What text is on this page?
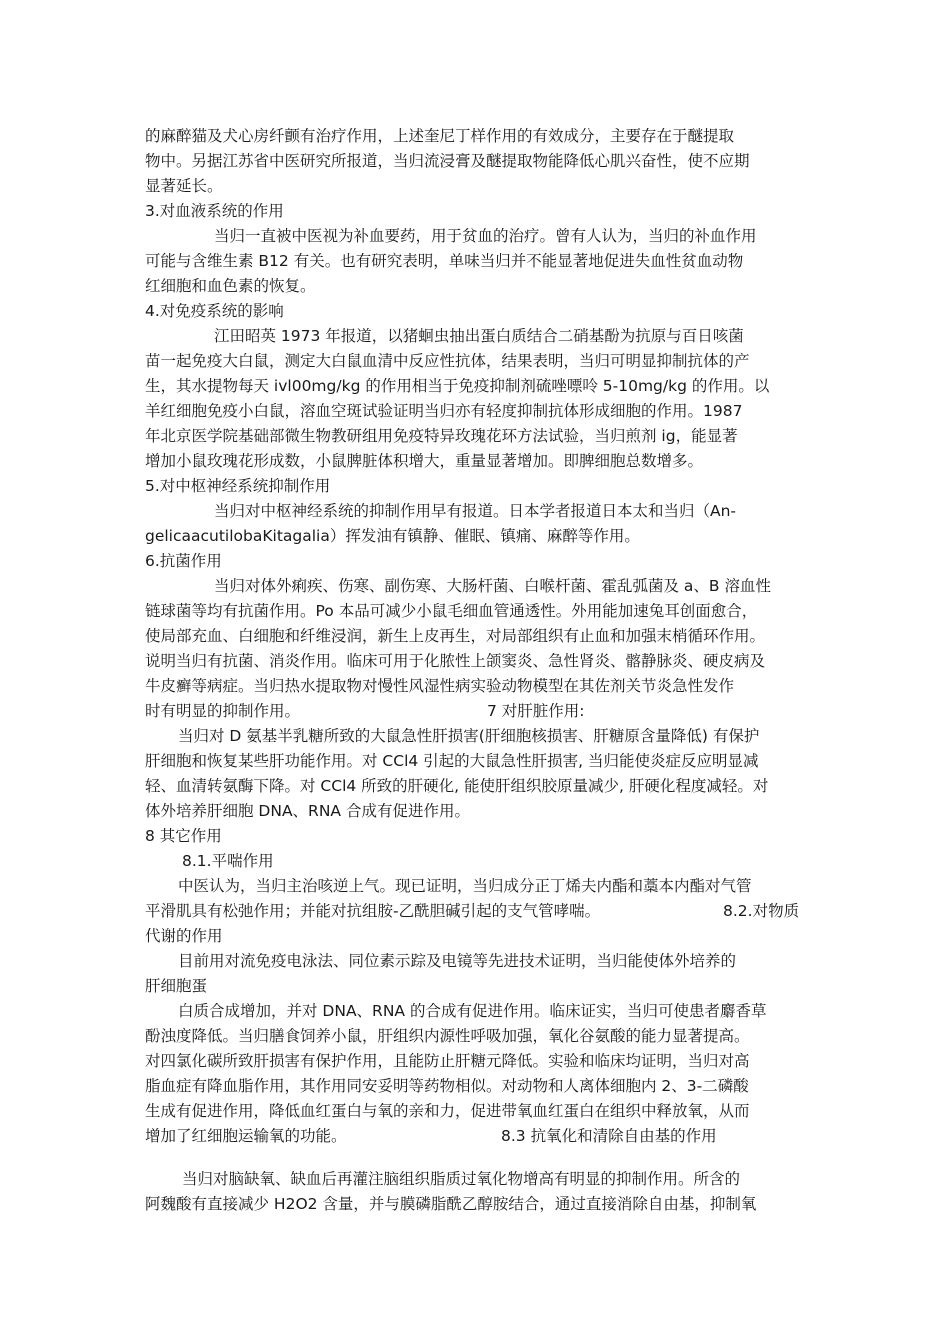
的麻醉猫及犬心房纤颤有治疗作用，上述奎尼丁样作用的有效成分，主要存在于醚提取
物中。另据江苏省中医研究所报道，当归流浸膏及醚提取物能降低心肌兴奋性，使不应期
显著延长。
3.对血液系统的作用
当归一直被中医视为补血要药，用于贫血的治疗。曾有人认为，当归的补血作用
可能与含维生素 B12 有关。也有研究表明，单味当归并不能显著地促进失血性贫血动物
红细胞和血色素的恢复。
4.对免疫系统的影响
江田昭英 1973 年报道，以猪蛔虫抽出蛋白质结合二硝基酚为抗原与百日咳菌
苗一起免疫大白鼠，测定大白鼠血清中反应性抗体，结果表明，当归可明显抑制抗体的产
生，其水提物每天 ivl00mg/kg 的作用相当于免疫抑制剂硫唑嘌呤 5-10mg/kg 的作用。以
羊红细胞免疫小白鼠，溶血空斑试验证明当归亦有轻度抑制抗体形成细胞的作用。1987
年北京医学院基础部微生物教研组用免疫特异玫瑰花环方法试验，当归煎剂 ig，能显著
增加小鼠玫瑰花形成数，小鼠脾脏体积增大，重量显著增加。即脾细胞总数增多。
5.对中枢神经系统抑制作用
当归对中枢神经系统的抑制作用早有报道。日本学者报道日本太和当归（An-
gelicaacutilobaKitagalia）挥发油有镇静、催眠、镇痛、麻醉等作用。
6.抗菌作用
当归对体外痢疾、伤寒、副伤寒、大肠杆菌、白喉杆菌、霍乱弧菌及 a、B 溶血性
链球菌等均有抗菌作用。Po 本品可减少小鼠毛细血管通透性。外用能加速兔耳创面愈合，
使局部充血、白细胞和纤维浸润，新生上皮再生，对局部组织有止血和加强末梢循环作用。
说明当归有抗菌、消炎作用。临床可用于化脓性上颌窦炎、急性肾炎、髂静脉炎、硬皮病及
牛皮癣等病症。当归热水提取物对慢性风湿性病实验动物模型在其佐剂关节炎急性发作
时有明显的抑制作用。	7 对肝脏作用:
当归对 D 氨基半乳糖所致的大鼠急性肝损害(肝细胞核损害、肝糖原含量降低) 有保护
肝细胞和恢复某些肝功能作用。对 CCl4 引起的大鼠急性肝损害, 当归能使炎症反应明显减
轻、血清转氨酶下降。对 CCl4 所致的肝硬化, 能使肝组织胶原量减少, 肝硬化程度减轻。对
体外培养肝细胞 DNA、RNA 合成有促进作用。
8 其它作用
8.1.平喘作用
中医认为，当归主治咳逆上气。现已证明，当归成分正丁烯夫内酯和藁本内酯对气管
平滑肌具有松弛作用；并能对抗组胺-乙酰胆碱引起的支气管哮喘。	8.2.对物质
代谢的作用
目前用对流免疫电泳法、同位素示踪及电镜等先进技术证明，当归能使体外培养的
肝细胞蛋
白质合成增加，并对 DNA、RNA 的合成有促进作用。临床证实，当归可使患者麝香草
酚浊度降低。当归膳食饲养小鼠，肝组织内源性呼吸加强，氧化谷氨酸的能力显著提高。
对四氯化碳所致肝损害有保护作用，且能防止肝糖元降低。实验和临床均证明，当归对高
脂血症有降血脂作用，其作用同安妥明等药物相似。对动物和人离体细胞内 2、3-二磷酸
生成有促进作用，降低血红蛋白与氧的亲和力，促进带氧血红蛋白在组织中释放氧，从而
增加了红细胞运输氧的功能。	8.3 抗氧化和清除自由基的作用
当归对脑缺氧、缺血后再灌注脑组织脂质过氧化物增高有明显的抑制作用。所含的
阿魏酸有直接减少 H2O2 含量，并与膜磷脂酰乙醇胺结合，通过直接消除自由基，抑制氧
